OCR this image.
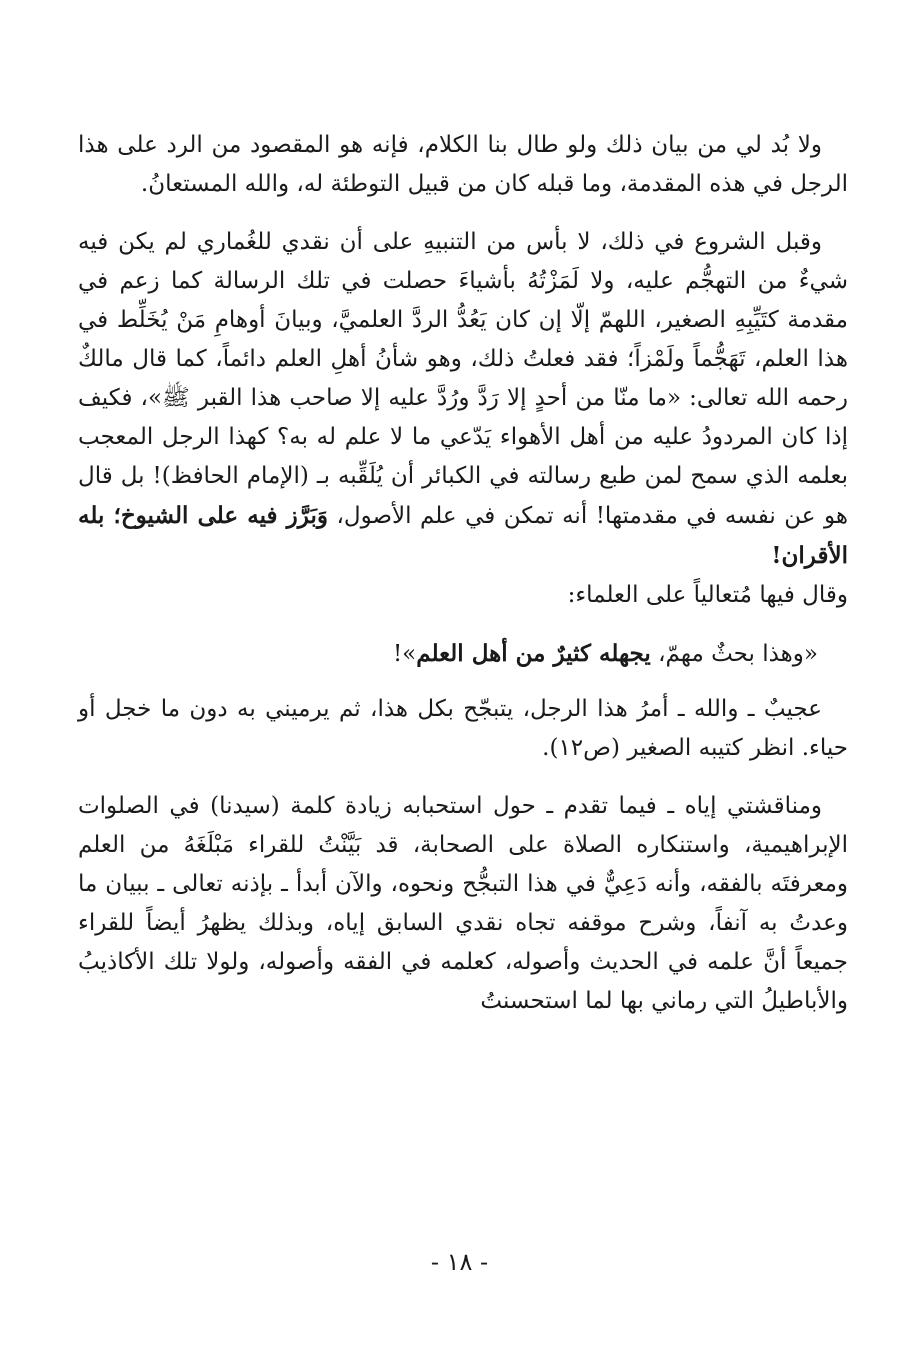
ولا بُد لي من بيان ذلك ولو طال بنا الكلام، فإنه هو المقصود من الرد على هذا الرجل في هذه المقدمة، وما قبله كان من قبيل التوطئة له، والله المستعانُ.

وقبل الشروع في ذلك، لا بأس من التنبيهِ على أن نقدي للغُماري لم يكن فيه شيءٌ من التهجُّم عليه، ولا لَمَزْتُهُ بأشياءَ حصلت في تلك الرسالة كما زعم في مقدمة كتَيِّبِهِ الصغير، اللهمّ إلّا إن كان يَعُدُّ الردَّ العلميَّ، وبيانَ أوهامِ مَنْ يُخَلِّط في هذا العلم، تَهَجُّماً ولَمْزاً؛ فقد فعلتُ ذلك، وهو شأنُ أهلِ العلم دائماً، كما قال مالكٌ رحمه الله تعالى: «ما منّا من أحدٍ إلا رَدَّ ورُدَّ عليه إلا صاحب هذا القبر ﷺ»، فكيف إذا كان المردودُ عليه من أهل الأهواء يَدّعي ما لا علم له به؟ كهذا الرجل المعجب بعلمه الذي سمح لمن طبع رسالته في الكبائر أن يُلَقِّبه بـ (الإمام الحافظ)! بل قال هو عن نفسه في مقدمتها! أنه تمكن في علم الأصول، وَبَرَّز فيه على الشيوخ؛ بله الأقران!
وقال فيها مُتعالياً على العلماء:

«وهذا بحثٌ مهمّ، يجهله كثيرٌ من أهل العلم»!

عجيبٌ ـ والله ـ أمرُ هذا الرجل، يتبجّح بكل هذا، ثم يرميني به دون ما خجل أو حياء. انظر كتيبه الصغير (ص١٢).

ومناقشتي إياه ـ فيما تقدم ـ حول استحبابه زيادة كلمة (سيدنا) في الصلوات الإبراهيمية، واستنكاره الصلاة على الصحابة، قد بَيَّنْتُ للقراء مَبْلَغَهُ من العلم ومعرفتَه بالفقه، وأنه دَعِيٌّ في هذا التبجُّح ونحوه، والآن أبدأ ـ بإذنه تعالى ـ ببيان ما وعدتُ به آنفاً، وشرح موقفه تجاه نقدي السابق إياه، وبذلك يظهرُ أيضاً للقراء جميعاً أنَّ علمه في الحديث وأصوله، كعلمه في الفقه وأصوله، ولولا تلك الأكاذيبُ والأباطيلُ التي رماني بها لما استحسنتُ

- ١٨ -
